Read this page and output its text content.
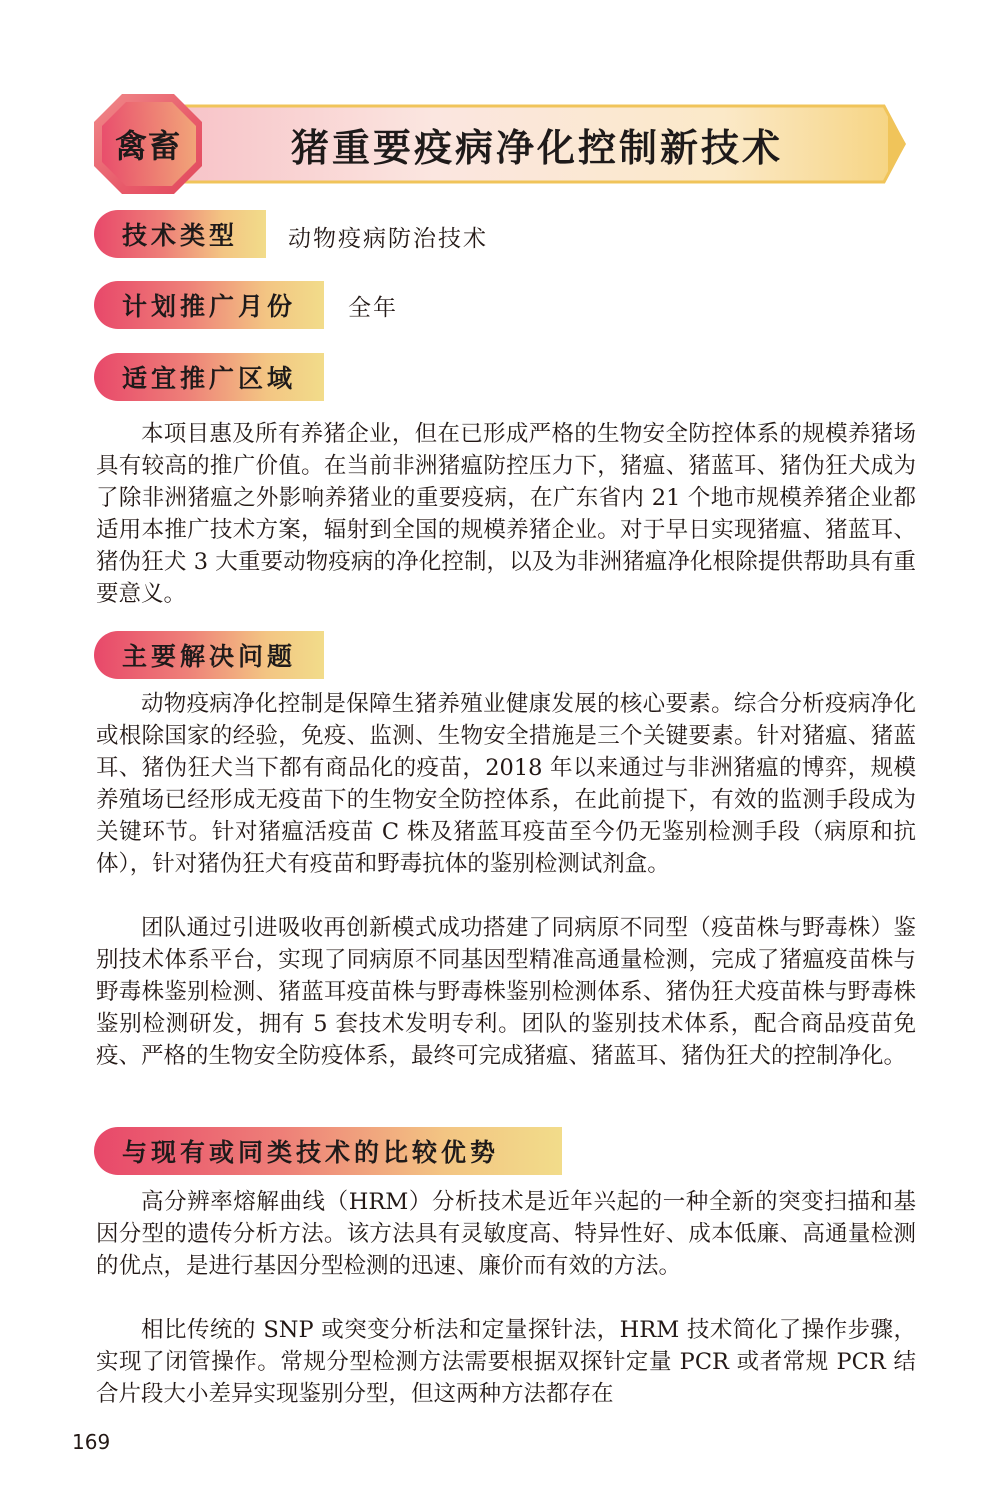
禽畜	猪重要疫病净化控制新技术
技术类型	动物疫病防治技术
计划推广月份	全年
适宜推广区域

本项目惠及所有养猪企业，但在已形成严格的生物安全防控体系的规模养猪场具有较高的推广价值。在当前非洲猪瘟防控压力下，猪瘟、猪蓝耳、猪伪狂犬成为了除非洲猪瘟之外影响养猪业的重要疫病，在广东省内 21 个地市规模养猪企业都适用本推广技术方案，辐射到全国的规模养猪企业。对于早日实现猪瘟、猪蓝耳、猪伪狂犬 3 大重要动物疫病的净化控制，以及为非洲猪瘟净化根除提供帮助具有重要意义。

主要解决问题

动物疫病净化控制是保障生猪养殖业健康发展的核心要素。综合分析疫病净化或根除国家的经验，免疫、监测、生物安全措施是三个关键要素。针对猪瘟、猪蓝耳、猪伪狂犬当下都有商品化的疫苗，2018 年以来通过与非洲猪瘟的博弈，规模养殖场已经形成无疫苗下的生物安全防控体系，在此前提下，有效的监测手段成为关键环节。针对猪瘟活疫苗 C 株及猪蓝耳疫苗至今仍无鉴别检测手段（病原和抗体），针对猪伪狂犬有疫苗和野毒抗体的鉴别检测试剂盒。

团队通过引进吸收再创新模式成功搭建了同病原不同型（疫苗株与野毒株）鉴别技术体系平台，实现了同病原不同基因型精准高通量检测，完成了猪瘟疫苗株与野毒株鉴别检测、猪蓝耳疫苗株与野毒株鉴别检测体系、猪伪狂犬疫苗株与野毒株鉴别检测研发，拥有 5 套技术发明专利。团队的鉴别技术体系，配合商品疫苗免疫、严格的生物安全防疫体系，最终可完成猪瘟、猪蓝耳、猪伪狂犬的控制净化。

与现有或同类技术的比较优势

高分辨率熔解曲线（HRM）分析技术是近年兴起的一种全新的突变扫描和基因分型的遗传分析方法。该方法具有灵敏度高、特异性好、成本低廉、高通量检测的优点，是进行基因分型检测的迅速、廉价而有效的方法。

相比传统的 SNP 或突变分析法和定量探针法，HRM 技术简化了操作步骤，实现了闭管操作。常规分型检测方法需要根据双探针定量 PCR 或者常规 PCR 结合片段大小差异实现鉴别分型，但这两种方法都存在

169
